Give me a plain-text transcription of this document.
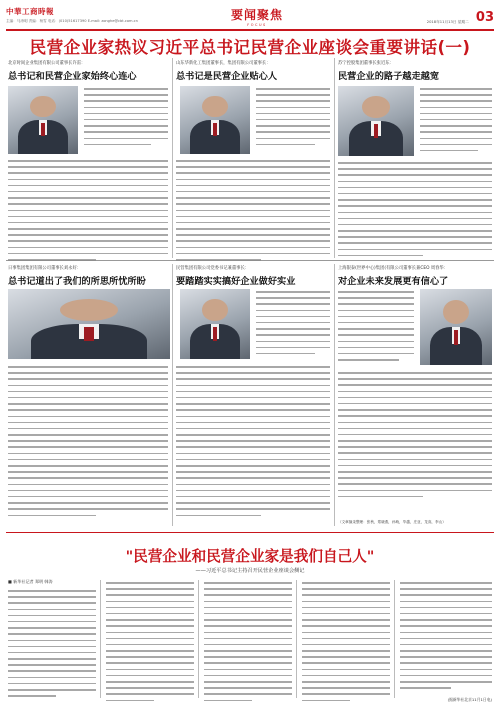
中華工商時報
主编：马涛明 责编：杨雪 电话：(010)51617390 E-mail: zonghe@cbt.com.cn	要闻聚焦
FOCUS
2018年11月13日 星期二 03
民营企业家热议习近平总书记民营企业座谈会重要讲话(一)
北京时间企业集团有限公司董事长许雷：
总书记和民营企业家始终心连心
山东华新化工集团董事长，集团有限公司董事长：
总书记是民营企业贴心人
苏宁控股集团董事长张近东：
民营企业的路子越走越宽
日事集团集团有限公司董事长刘永好：
总书记道出了我们的所思所忧所盼
民营集团有限公司党委书记兼董事长：
要踏踏实实搞好企业做好实业
上海银泰(世界中心)集团(有限公司董事长兼CEO 周春华：
对企业未来发展更有信心了
（文章摘录整理：张秋，郑晓燕，孙萌，毕越，庄亚，龙高，李山）
"民营企业和民营企业家是我们自己人"
——习近平总书记主持召开民营企业座谈会侧记
■ 新华社记者 郑明 韩涛
(据新华社北京11月1日电)
